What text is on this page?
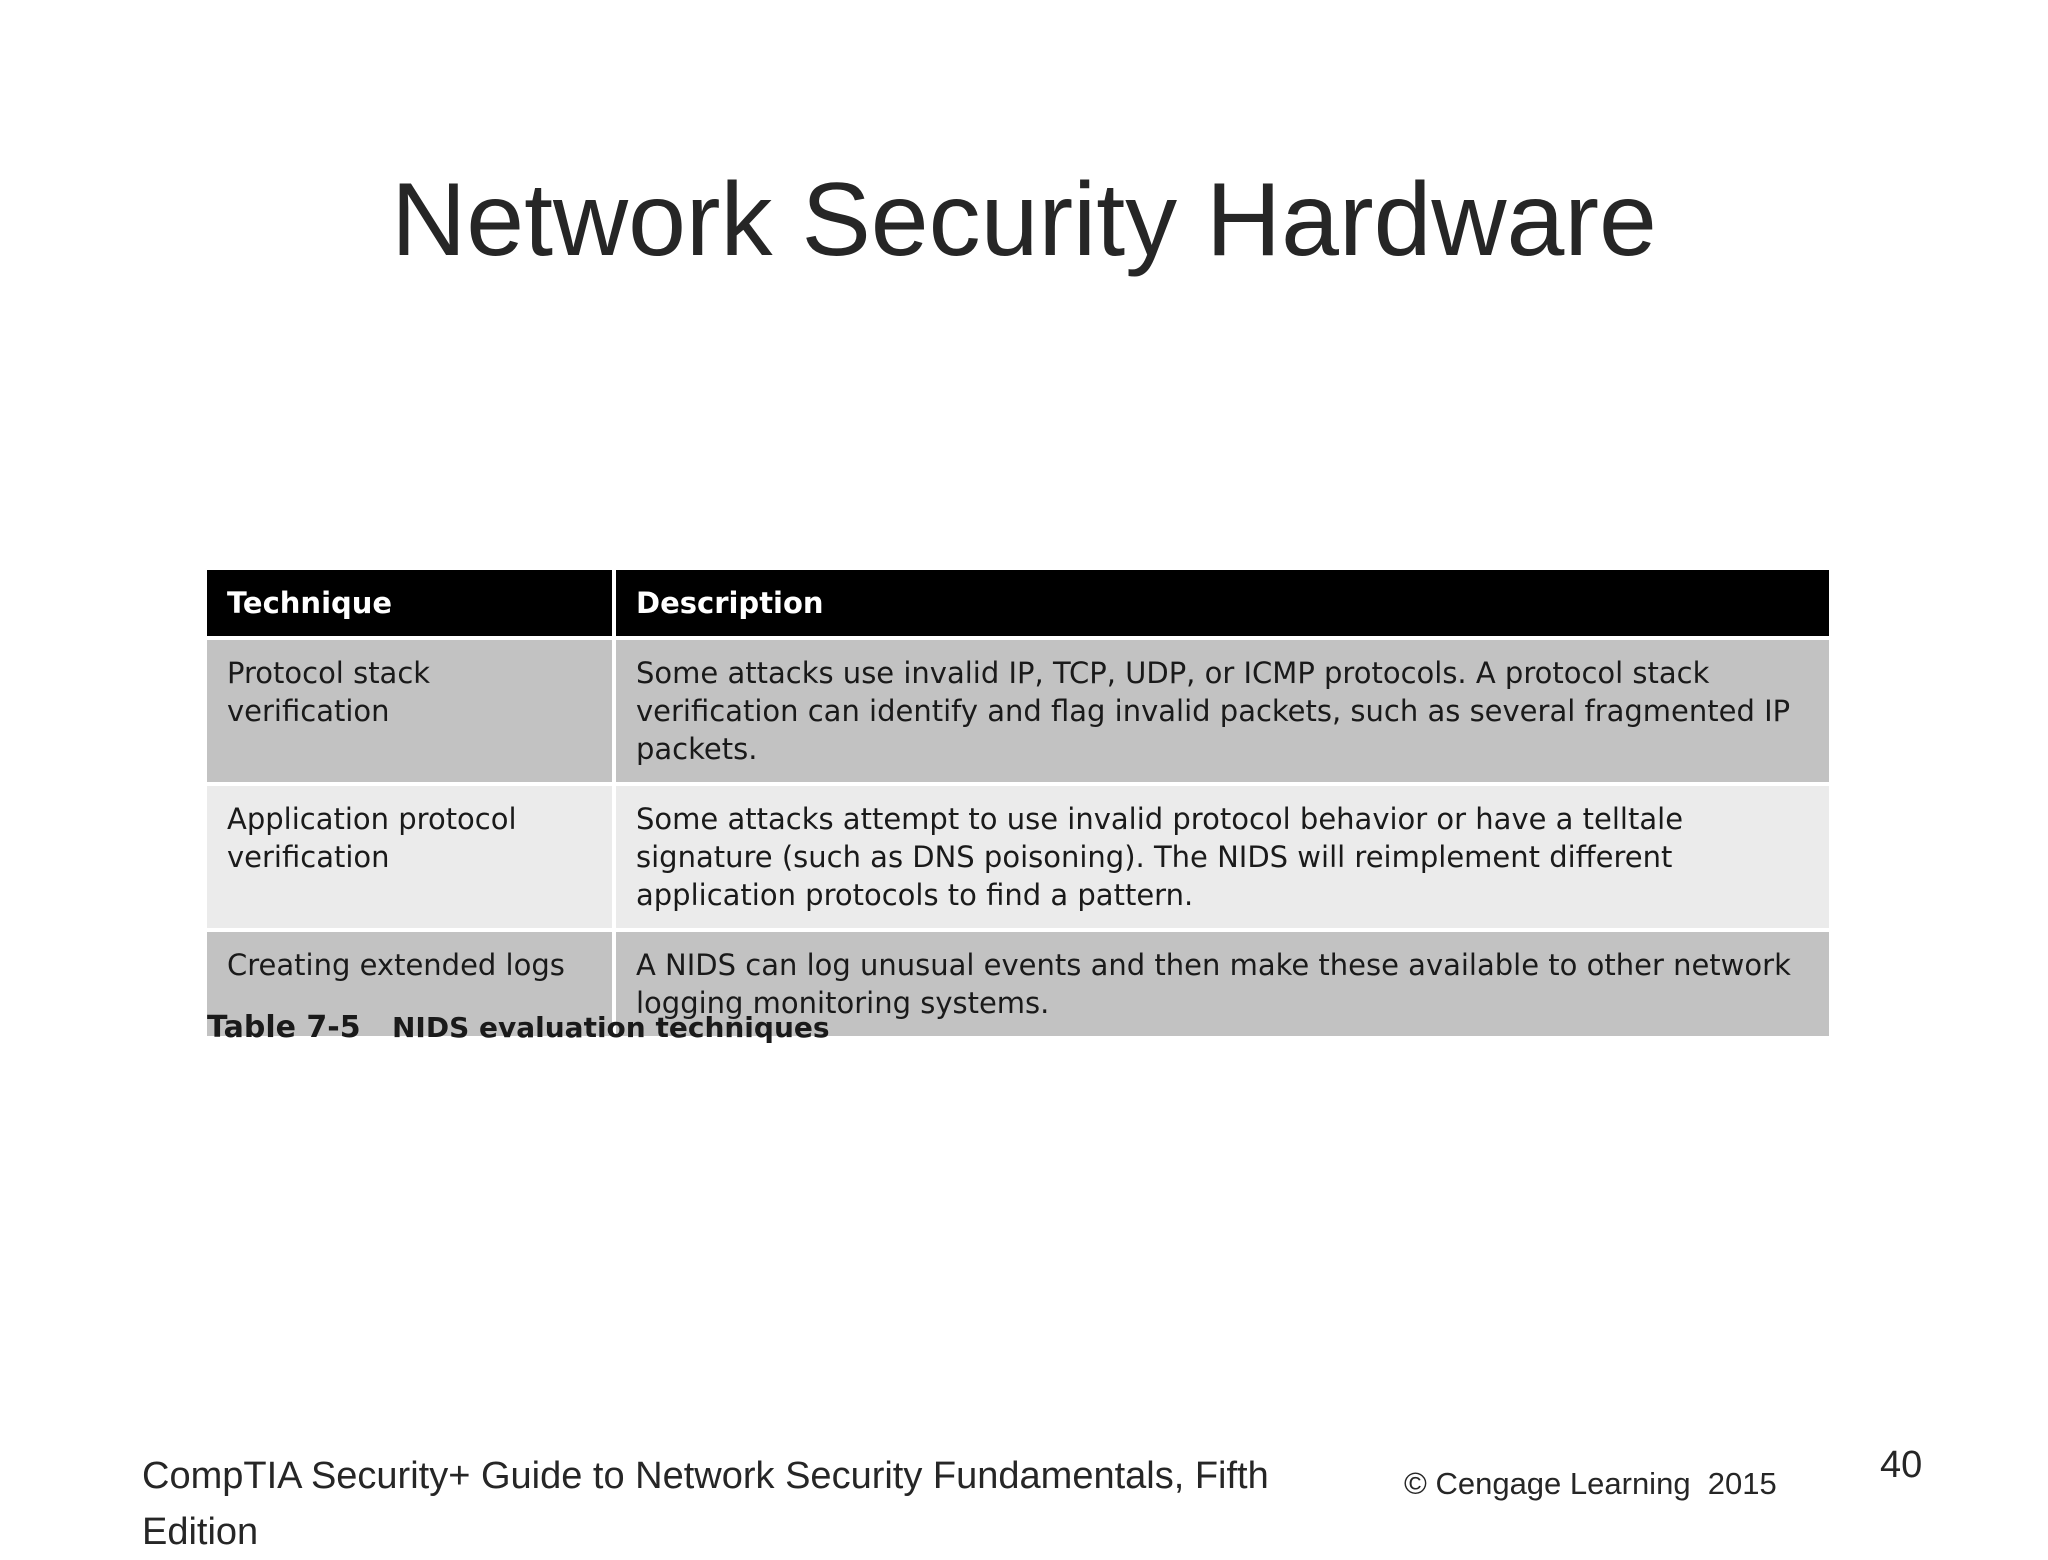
Network Security Hardware
Technique	Description
Protocol stack verification	Some attacks use invalid IP, TCP, UDP, or ICMP protocols. A protocol stack verification can identify and flag invalid packets, such as several fragmented IP packets.
Application protocol verification	Some attacks attempt to use invalid protocol behavior or have a telltale signature (such as DNS poisoning). The NIDS will reimplement different application protocols to find a pattern.
Creating extended logs	A NIDS can log unusual events and then make these available to other network logging monitoring systems.
Table 7-5 NIDS evaluation techniques
CompTIA Security+ Guide to Network Security Fundamentals, Fifth Edition
© Cengage Learning  2015	40
